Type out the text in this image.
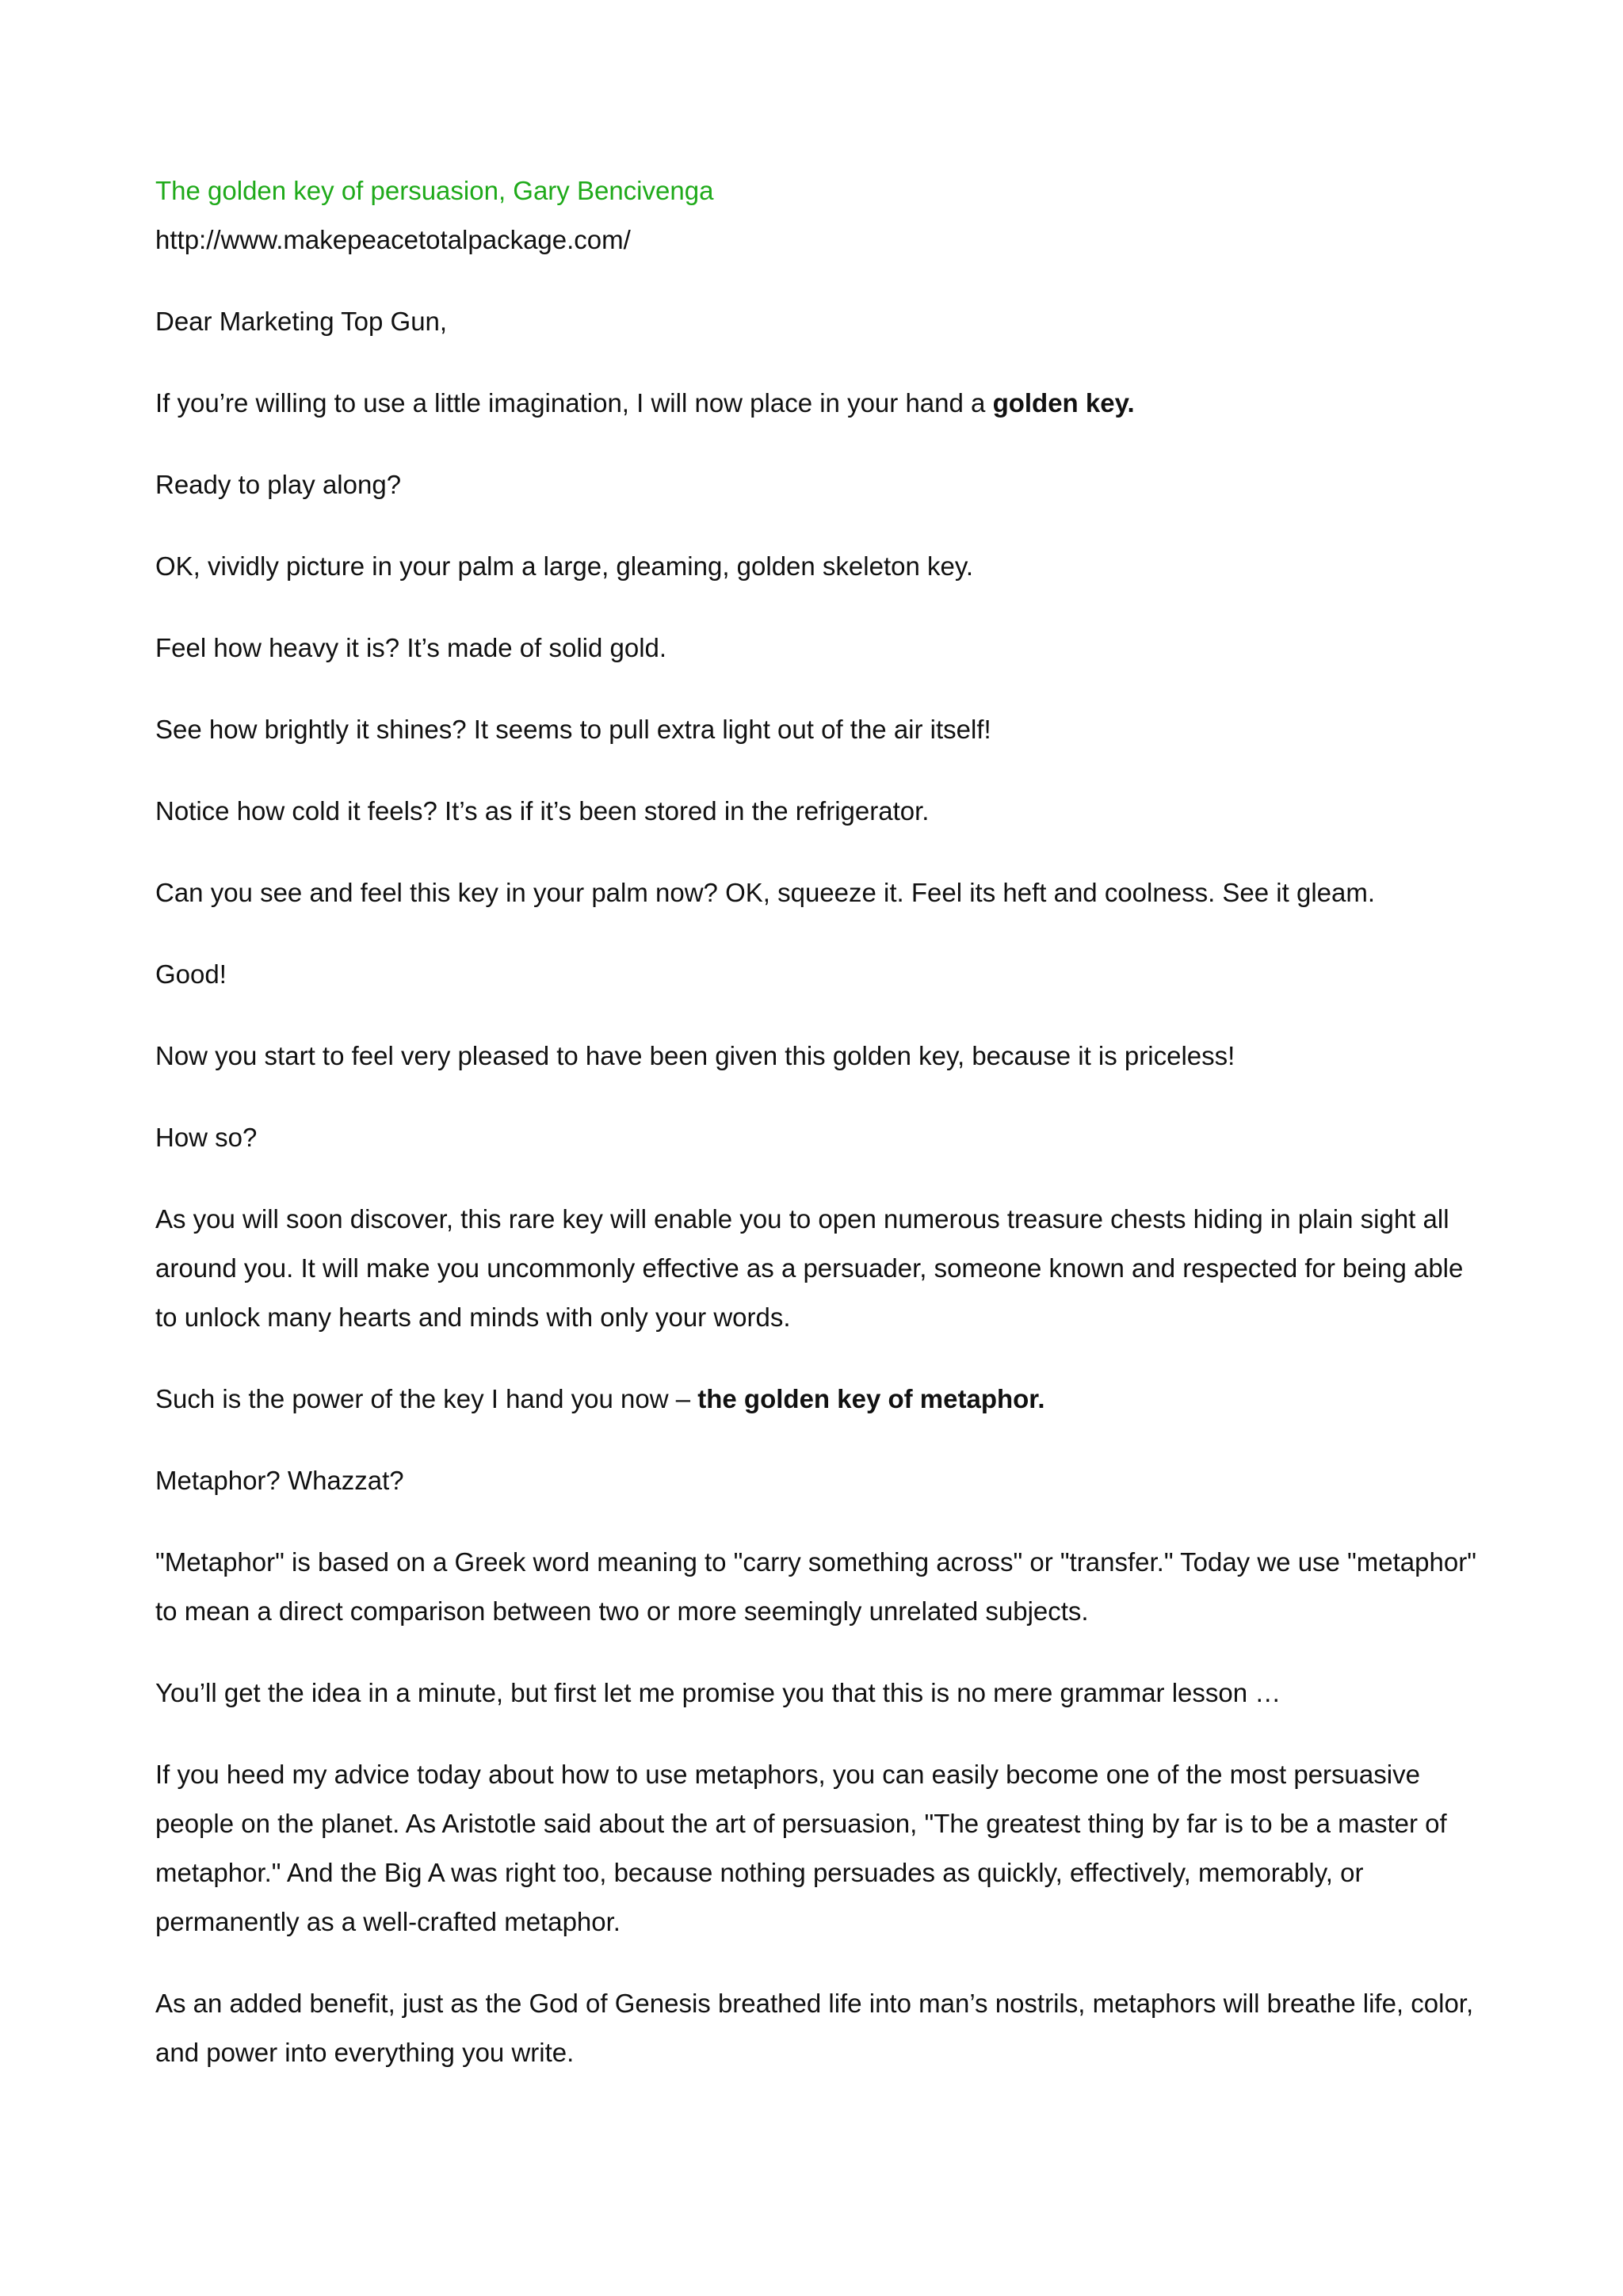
The golden key of persuasion, Gary Bencivenga
http://www.makepeacetotalpackage.com/

Dear Marketing Top Gun,

If you’re willing to use a little imagination, I will now place in your hand a golden key.

Ready to play along?

OK, vividly picture in your palm a large, gleaming, golden skeleton key.

Feel how heavy it is? It’s made of solid gold.

See how brightly it shines? It seems to pull extra light out of the air itself!

Notice how cold it feels? It’s as if it’s been stored in the refrigerator.

Can you see and feel this key in your palm now? OK, squeeze it. Feel its heft and coolness. See it gleam.

Good!

Now you start to feel very pleased to have been given this golden key, because it is priceless!

How so?

As you will soon discover, this rare key will enable you to open numerous treasure chests hiding in plain sight all around you. It will make you uncommonly effective as a persuader, someone known and respected for being able to unlock many hearts and minds with only your words.

Such is the power of the key I hand you now – the golden key of metaphor.

Metaphor? Whazzat?

"Metaphor" is based on a Greek word meaning to "carry something across" or "transfer." Today we use "metaphor" to mean a direct comparison between two or more seemingly unrelated subjects.

You’ll get the idea in a minute, but first let me promise you that this is no mere grammar lesson …

If you heed my advice today about how to use metaphors, you can easily become one of the most persuasive people on the planet. As Aristotle said about the art of persuasion, "The greatest thing by far is to be a master of metaphor." And the Big A was right too, because nothing persuades as quickly, effectively, memorably, or permanently as a well-crafted metaphor.

As an added benefit, just as the God of Genesis breathed life into man’s nostrils, metaphors will breathe life, color, and power into everything you write.
